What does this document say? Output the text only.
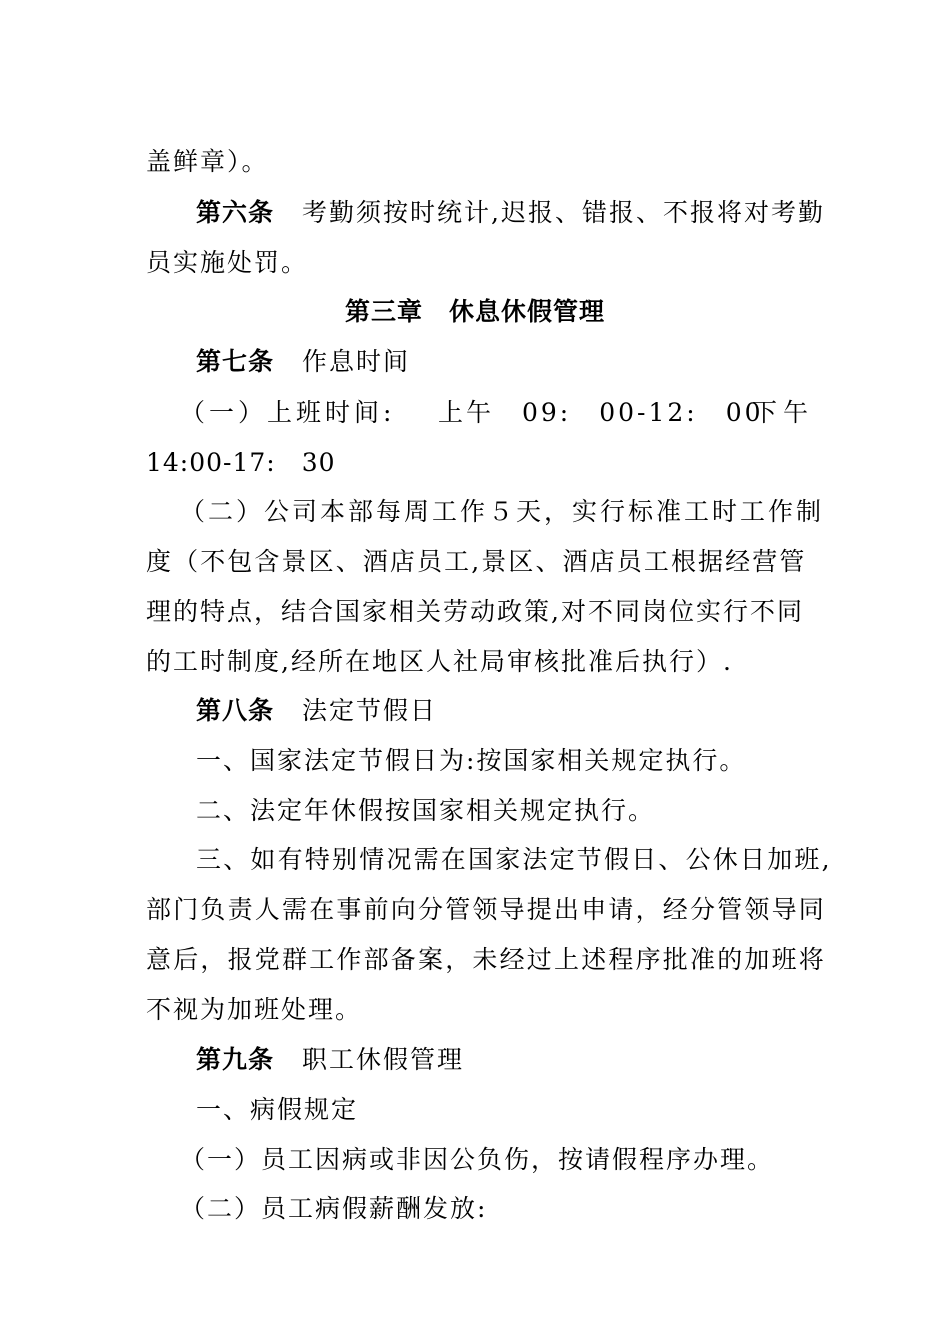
盖鲜章）。
第六条 考勤须按时统计,迟报、错报、不报将对考勤
员实施处罚。
第三章　休息休假管理
第七条 作息时间
（一）上班时间: 上午　09:　00-12:　00
下午
14:00-17:　30
（二）公司本部每周工作５天，实行标准工时工作制
度（不包含景区、酒店员工,景区、酒店员工根据经营管
理的特点，结合国家相关劳动政策,对不同岗位实行不同
的工时制度,经所在地区人社局审核批准后执行）.
第八条 法定节假日
一、国家法定节假日为:按国家相关规定执行。
二、法定年休假按国家相关规定执行。
三、如有特别情况需在国家法定节假日、公休日加班,
部门负责人需在事前向分管领导提出申请，经分管领导同
意后，报党群工作部备案，未经过上述程序批准的加班将
不视为加班处理。
第九条 职工休假管理
一、病假规定
（一）员工因病或非因公负伤，按请假程序办理。
（二）员工病假薪酬发放:
